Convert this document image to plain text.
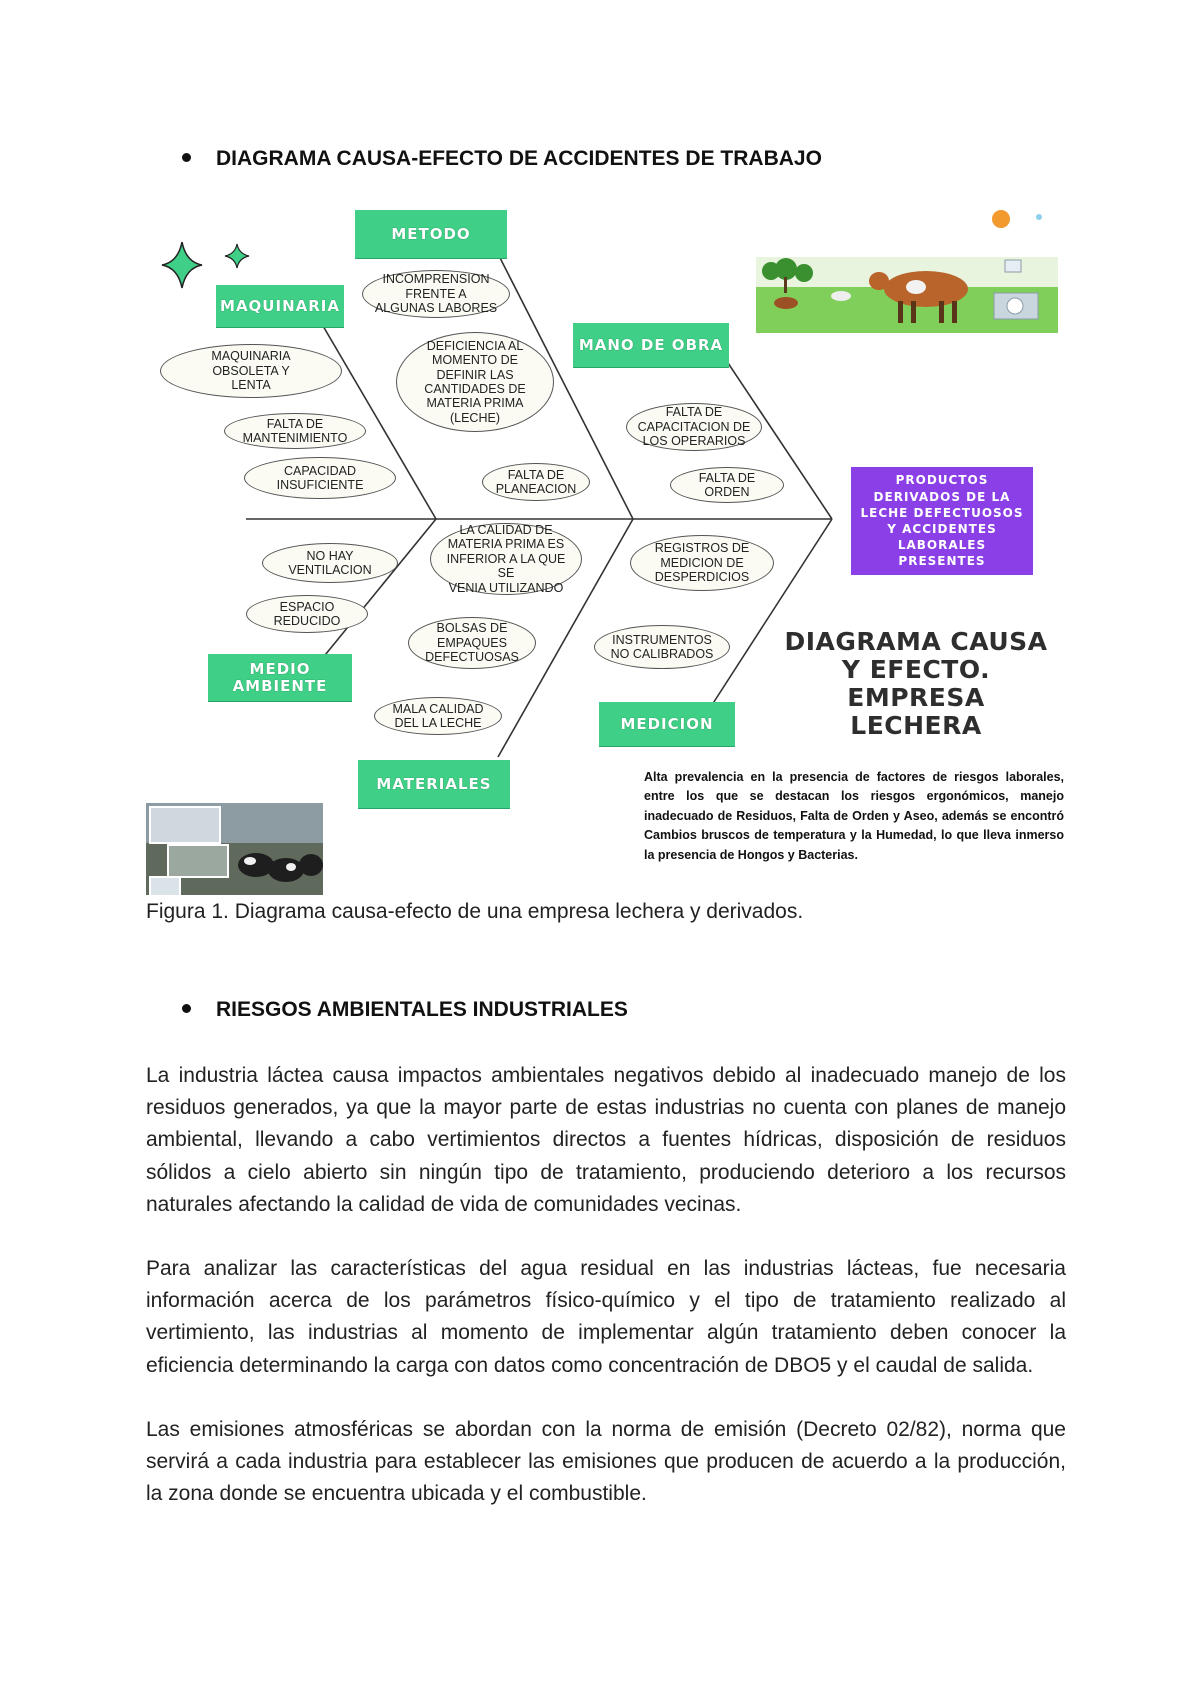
DIAGRAMA CAUSA-EFECTO DE ACCIDENTES DE TRABAJO
METODO
MAQUINARIA
MANO DE OBRA
MEDIO
AMBIENTE
MATERIALES
MEDICION
INCOMPRENSION
FRENTE A
ALGUNAS LABORES
MAQUINARIA
OBSOLETA Y
LENTA
DEFICIENCIA AL
MOMENTO DE
DEFINIR LAS
CANTIDADES DE
MATERIA PRIMA
(LECHE)
FALTA DE
MANTENIMIENTO
CAPACIDAD
INSUFICIENTE
FALTA DE
PLANEACION
FALTA DE
CAPACITACION DE
LOS OPERARIOS
FALTA DE
ORDEN
NO HAY
VENTILACION
LA CALIDAD DE
MATERIA PRIMA ES
INFERIOR A LA QUE SE
VENIA UTILIZANDO
REGISTROS DE
MEDICION DE
DESPERDICIOS
ESPACIO
REDUCIDO
BOLSAS DE
EMPAQUES
DEFECTUOSAS
INSTRUMENTOS
NO CALIBRADOS
MALA CALIDAD
DEL LA LECHE
PRODUCTOS
DERIVADOS DE LA
LECHE DEFECTUOSOS
Y ACCIDENTES
LABORALES
PRESENTES
DIAGRAMA CAUSA
Y EFECTO.
EMPRESA
LECHERA
Alta prevalencia en la presencia de factores de riesgos laborales, entre los que se destacan los riesgos ergonómicos, manejo inadecuado de Residuos, Falta de Orden y Aseo, además se encontró Cambios bruscos de temperatura y la Humedad, lo que lleva inmerso la presencia de Hongos y Bacterias.
Figura 1. Diagrama causa-efecto de una empresa lechera y derivados.
RIESGOS AMBIENTALES INDUSTRIALES

La industria láctea causa impactos ambientales negativos debido al inadecuado manejo de los residuos generados, ya que la mayor parte de estas industrias no cuenta con planes de manejo ambiental, llevando a cabo vertimientos directos a fuentes hídricas, disposición de residuos sólidos a cielo abierto sin ningún tipo de tratamiento, produciendo deterioro a los recursos naturales afectando la calidad de vida de comunidades vecinas.

Para analizar las características del agua residual en las industrias lácteas, fue necesaria información acerca de los parámetros físico-químico y el tipo de tratamiento realizado al vertimiento, las industrias al momento de implementar algún tratamiento deben conocer la eficiencia determinando la carga con datos como concentración de DBO5 y el caudal de salida.

Las emisiones atmosféricas se abordan con la norma de emisión (Decreto 02/82), norma que servirá a cada industria para establecer las emisiones que producen de acuerdo a la producción, la zona donde se encuentra ubicada y el combustible.
